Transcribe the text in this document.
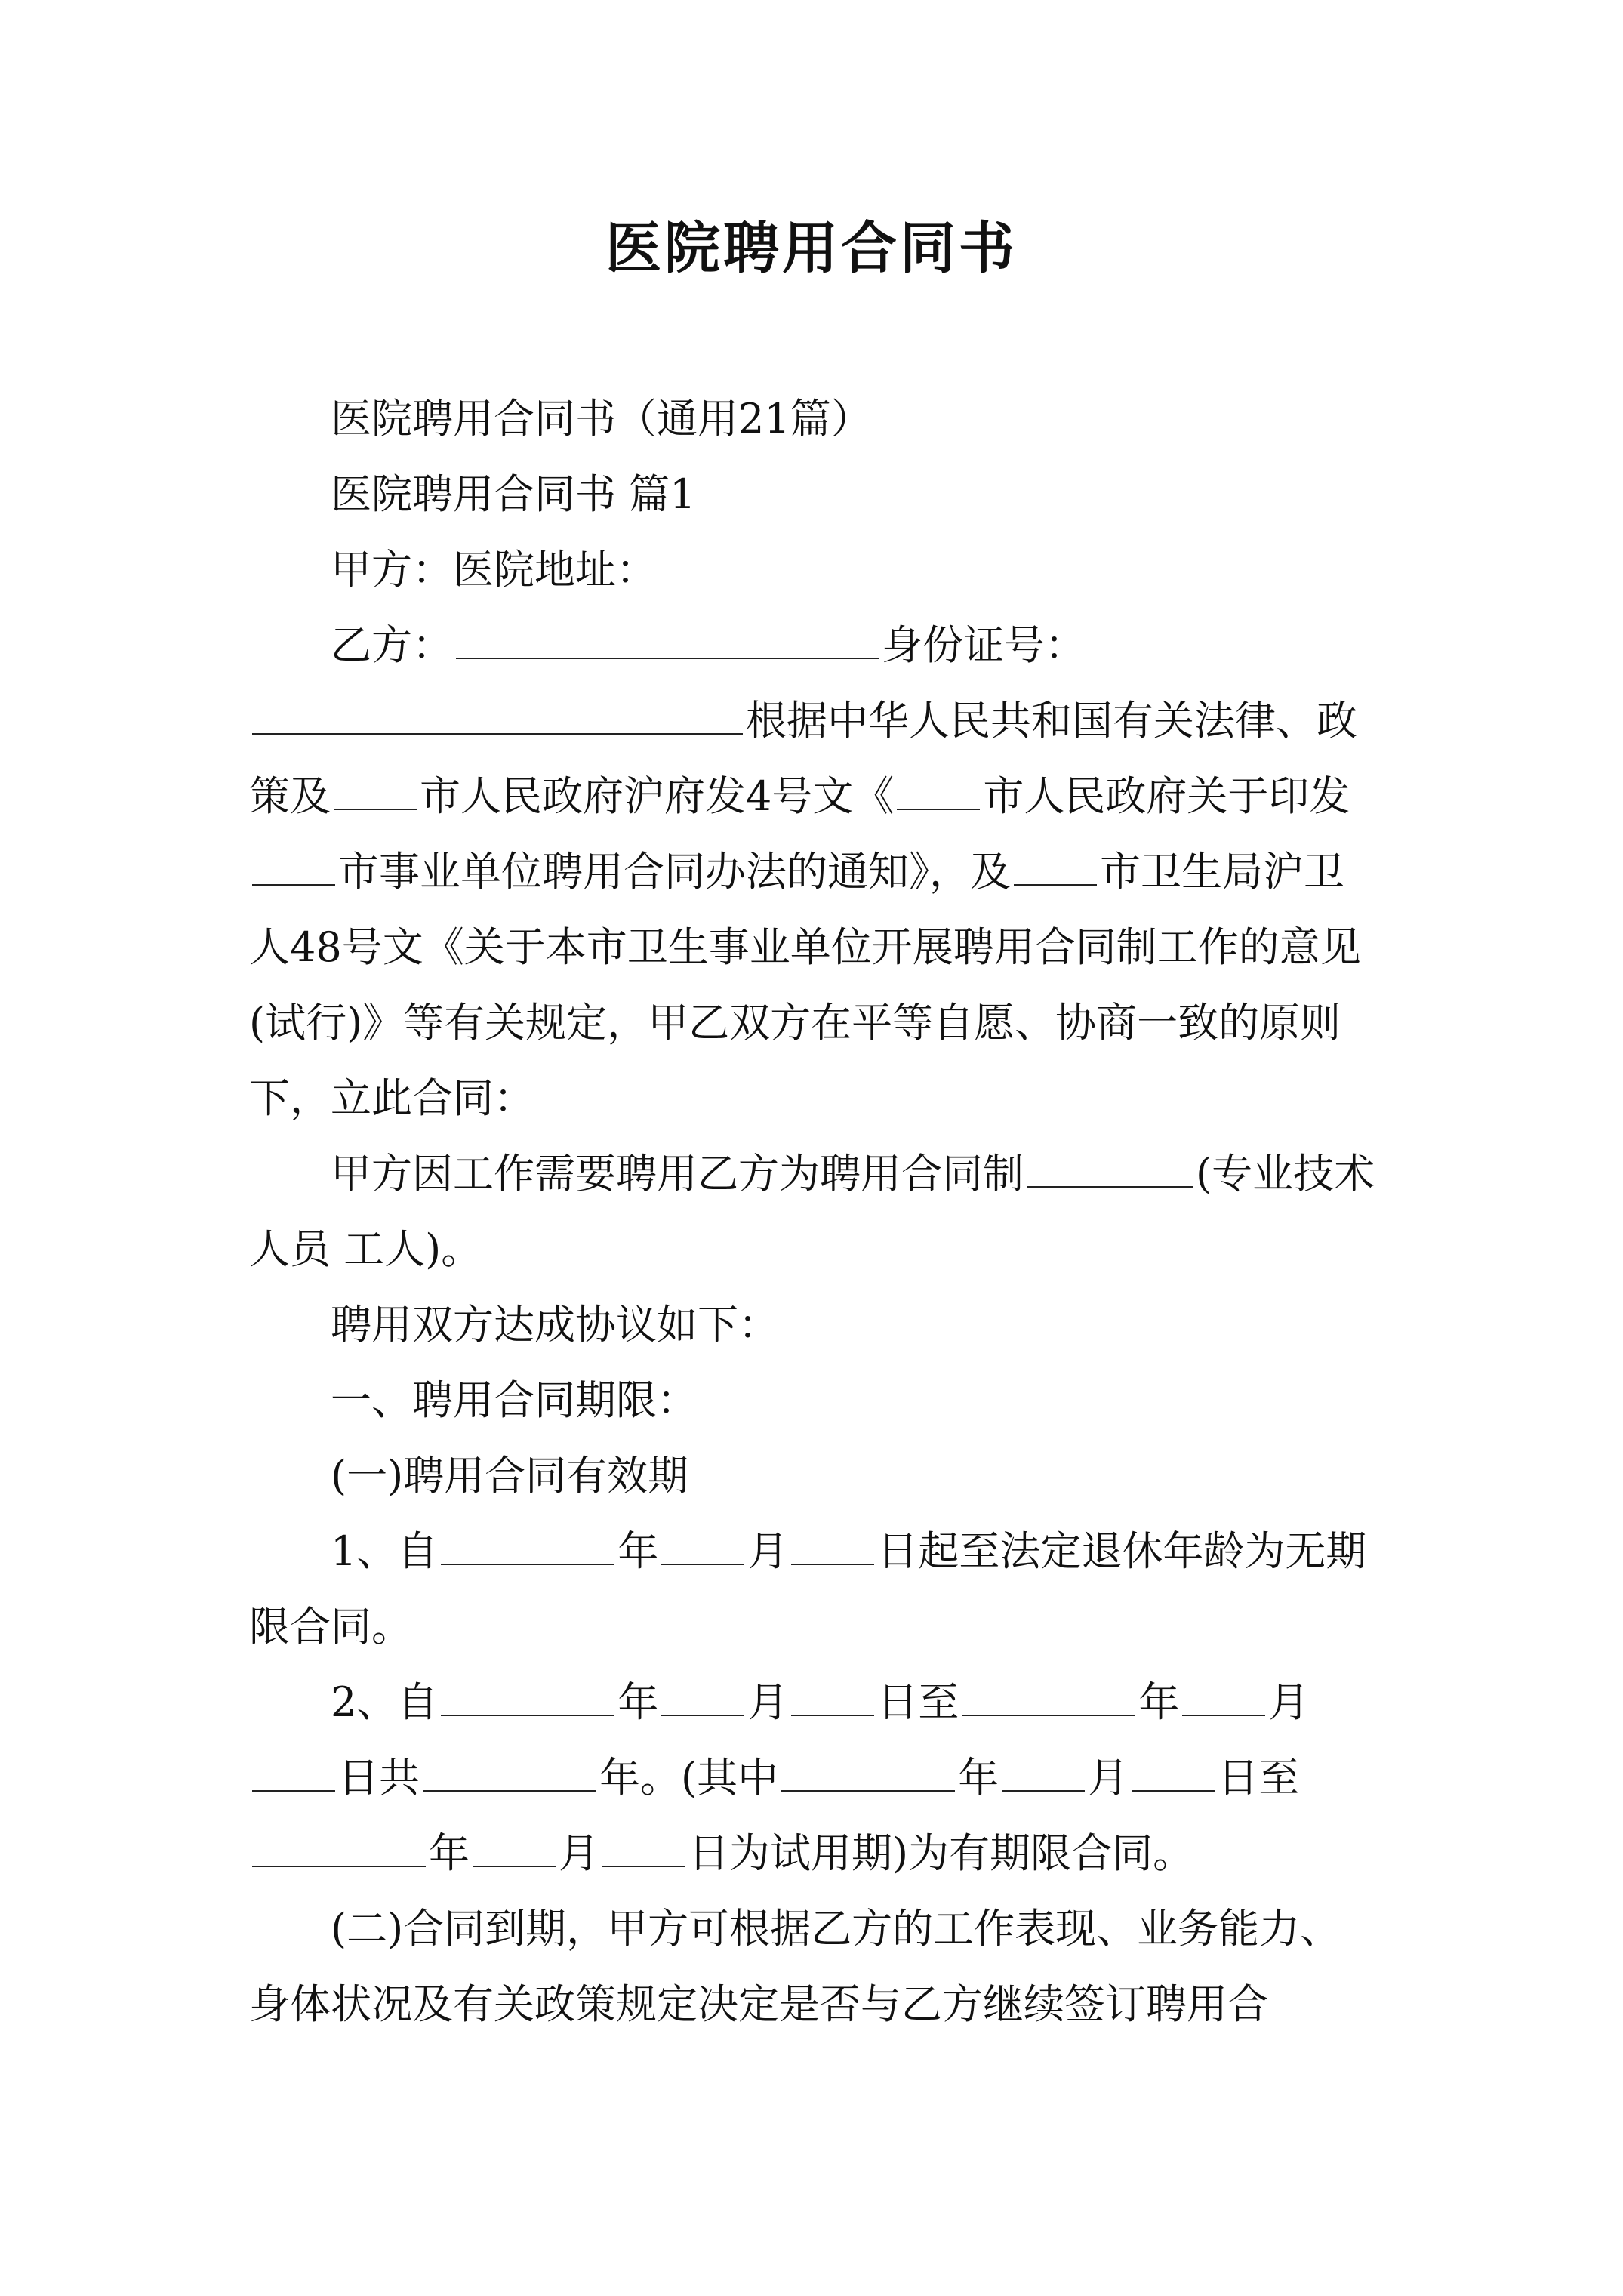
医院聘用合同书

医院聘用合同书（通用21篇）

医院聘用合同书 篇1

甲方：医院地址：

乙方：	身份证号：根据中华人民共和国有关法律、政策及 市人民政府沪府发4号文《 市人民政府关于印发市事业单位聘用合同办法的通知》，及 市卫生局沪卫人48号文《关于本市卫生事业单位开展聘用合同制工作的意见(试行)》等有关规定，甲乙双方在平等自愿、协商一致的原则下，立此合同：

甲方因工作需要聘用乙方为聘用合同制	(专业技术人员 工人)。

聘用双方达成协议如下：

一、聘用合同期限：

(一)聘用合同有效期

1、自	年 月 日起至法定退休年龄为无期限合同。

2、自	年 月 日至	年 月日共	年。(其中	年 月 日至年 月 日为试用期)为有期限合同。

(二)合同到期，甲方可根据乙方的工作表现、业务能力、身体状况及有关政策规定决定是否与乙方继续签订聘用合
